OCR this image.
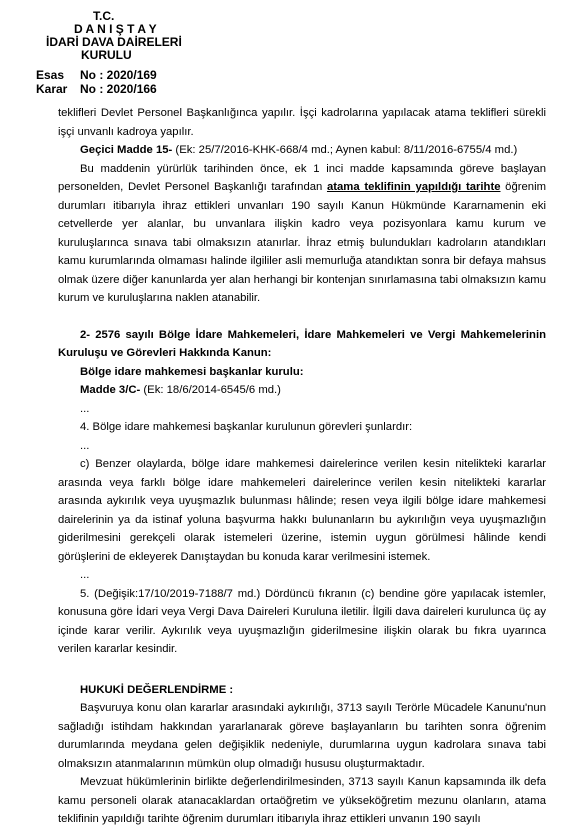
T.C.
D A N I Ş T A Y
İDARİ DAVA DAİRELERİ
KURULU
Esas	No : 2020/169
Karar	No : 2020/166

teklifleri Devlet Personel Başkanlığınca yapılır. İşçi kadrolarına yapılacak atama teklifleri sürekli işçi unvanlı kadroya yapılır.

Geçici Madde 15- (Ek: 25/7/2016-KHK-668/4 md.; Aynen kabul: 8/11/2016-6755/4 md.)

Bu maddenin yürürlük tarihinden önce, ek 1 inci madde kapsamında göreve başlayan personelden, Devlet Personel Başkanlığı tarafından atama teklifinin yapıldığı tarihte öğrenim durumları itibarıyla ihraz ettikleri unvanları 190 sayılı Kanun Hükmünde Kararnamenin eki cetvellerde yer alanlar, bu unvanlara ilişkin kadro veya pozisyonlara kamu kurum ve kuruluşlarınca sınava tabi olmaksızın atanırlar. İhraz etmiş bulundukları kadroların atandıkları kamu kurumlarında olmaması halinde ilgililer asli memurluğa atandıktan sonra bir defaya mahsus olmak üzere diğer kanunlarda yer alan herhangi bir kontenjan sınırlamasına tabi olmaksızın kamu kurum ve kuruluşlarına naklen atanabilir.

2- 2576 sayılı Bölge İdare Mahkemeleri, İdare Mahkemeleri ve Vergi Mahkemelerinin Kuruluşu ve Görevleri Hakkında Kanun:

Bölge idare mahkemesi başkanlar kurulu:

Madde 3/C- (Ek: 18/6/2014-6545/6 md.)

...

4. Bölge idare mahkemesi başkanlar kurulunun görevleri şunlardır:

...

c) Benzer olaylarda, bölge idare mahkemesi dairelerince verilen kesin nitelikteki kararlar arasında veya farklı bölge idare mahkemeleri dairelerince verilen kesin nitelikteki kararlar arasında aykırılık veya uyuşmazlık bulunması hâlinde; resen veya ilgili bölge idare mahkemesi dairelerinin ya da istinaf yoluna başvurma hakkı bulunanların bu aykırılığın veya uyuşmazlığın giderilmesini gerekçeli olarak istemeleri üzerine, istemin uygun görülmesi hâlinde kendi görüşlerini de ekleyerek Danıştaydan bu konuda karar verilmesini istemek.

...

5. (Değişik:17/10/2019-7188/7 md.) Dördüncü fıkranın (c) bendine göre yapılacak istemler, konusuna göre İdari veya Vergi Dava Daireleri Kuruluna iletilir. İlgili dava daireleri kurulunca üç ay içinde karar verilir. Aykırılık veya uyuşmazlığın giderilmesine ilişkin olarak bu fıkra uyarınca verilen kararlar kesindir.

HUKUKİ DEĞERLENDİRME :

Başvuruya konu olan kararlar arasındaki aykırılığı, 3713 sayılı Terörle Mücadele Kanunu'nun sağladığı istihdam hakkından yararlanarak göreve başlayanların bu tarihten sonra öğrenim durumlarında meydana gelen değişiklik nedeniyle, durumlarına uygun kadrolara sınava tabi olmaksızın atanmalarının mümkün olup olmadığı hususu oluşturmaktadır.

Mevzuat hükümlerinin birlikte değerlendirilmesinden, 3713 sayılı Kanun kapsamında ilk defa kamu personeli olarak atanacaklardan ortaöğretim ve yükseköğretim mezunu olanların, atama teklifinin yapıldığı tarihte öğrenim durumları itibarıyla ihraz ettikleri unvanın 190 sayılı
